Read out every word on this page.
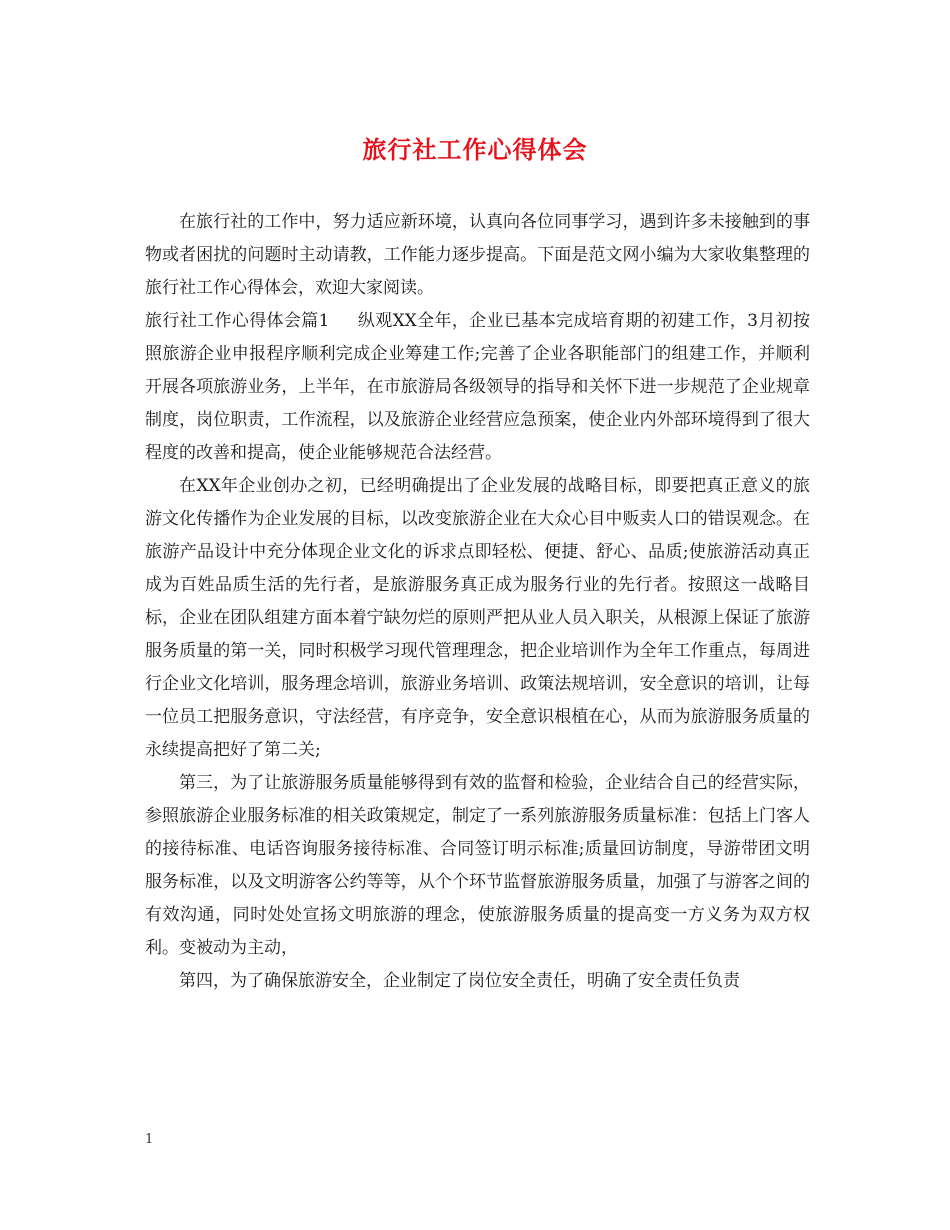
旅行社工作心得体会

在旅行社的工作中，努力适应新环境，认真向各位同事学习，遇到许多未接触到的事物或者困扰的问题时主动请教，工作能力逐步提高。下面是范文网小编为大家收集整理的旅行社工作心得体会，欢迎大家阅读。

旅行社工作心得体会篇1 纵观XX全年，企业已基本完成培育期的初建工作，3月初按照旅游企业申报程序顺利完成企业筹建工作;完善了企业各职能部门的组建工作，并顺利开展各项旅游业务，上半年，在市旅游局各级领导的指导和关怀下进一步规范了企业规章制度，岗位职责，工作流程，以及旅游企业经营应急预案，使企业内外部环境得到了很大程度的改善和提高，使企业能够规范合法经营。

在XX年企业创办之初，已经明确提出了企业发展的战略目标，即要把真正意义的旅游文化传播作为企业发展的目标，以改变旅游企业在大众心目中贩卖人口的错误观念。在旅游产品设计中充分体现企业文化的诉求点即轻松、便捷、舒心、品质;使旅游活动真正成为百姓品质生活的先行者，是旅游服务真正成为服务行业的先行者。按照这一战略目标，企业在团队组建方面本着宁缺勿烂的原则严把从业人员入职关，从根源上保证了旅游服务质量的第一关，同时积极学习现代管理理念，把企业培训作为全年工作重点，每周进行企业文化培训，服务理念培训，旅游业务培训、政策法规培训，安全意识的培训，让每一位员工把服务意识，守法经营，有序竞争，安全意识根植在心，从而为旅游服务质量的永续提高把好了第二关;

第三，为了让旅游服务质量能够得到有效的监督和检验，企业结合自己的经营实际，参照旅游企业服务标准的相关政策规定，制定了一系列旅游服务质量标准：包括上门客人的接待标准、电话咨询服务接待标准、合同签订明示标准;质量回访制度，导游带团文明服务标准，以及文明游客公约等等，从个个环节监督旅游服务质量，加强了与游客之间的有效沟通，同时处处宣扬文明旅游的理念，使旅游服务质量的提高变一方义务为双方权利。变被动为主动，

第四，为了确保旅游安全，企业制定了岗位安全责任，明确了安全责任负责

1
